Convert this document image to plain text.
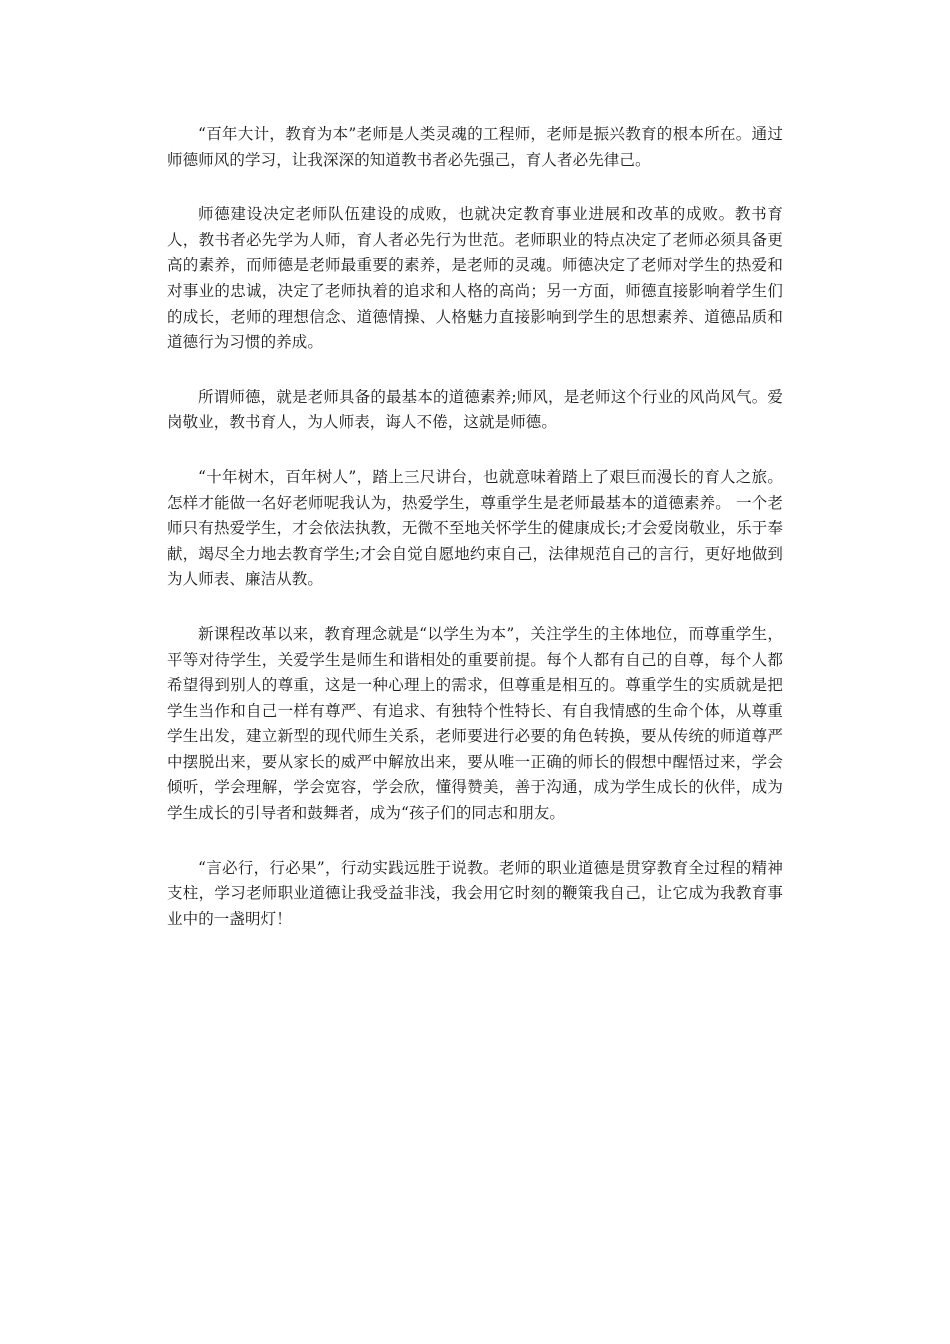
“百年大计，教育为本”老师是人类灵魂的工程师，老师是振兴教育的根本所在。通过师德师风的学习，让我深深的知道教书者必先强己，育人者必先律己。

师德建设决定老师队伍建设的成败，也就决定教育事业进展和改革的成败。教书育人，教书者必先学为人师，育人者必先行为世范。老师职业的特点决定了老师必须具备更高的素养，而师德是老师最重要的素养，是老师的灵魂。师德决定了老师对学生的热爱和对事业的忠诚，决定了老师执着的追求和人格的高尚；另一方面，师德直接影响着学生们的成长，老师的理想信念、道德情操、人格魅力直接影响到学生的思想素养、道德品质和道德行为习惯的养成。

所谓师德，就是老师具备的最基本的道德素养;师风，是老师这个行业的风尚风气。爱岗敬业，教书育人，为人师表，诲人不倦，这就是师德。

“十年树木，百年树人”，踏上三尺讲台，也就意味着踏上了艰巨而漫长的育人之旅。怎样才能做一名好老师呢我认为，热爱学生，尊重学生是老师最基本的道德素养。 一个老师只有热爱学生，才会依法执教，无微不至地关怀学生的健康成长;才会爱岗敬业，乐于奉献，竭尽全力地去教育学生;才会自觉自愿地约束自己，法律规范自己的言行，更好地做到为人师表、廉洁从教。

新课程改革以来，教育理念就是“以学生为本”，关注学生的主体地位，而尊重学生，平等对待学生，关爱学生是师生和谐相处的重要前提。每个人都有自己的自尊，每个人都希望得到别人的尊重，这是一种心理上的需求，但尊重是相互的。尊重学生的实质就是把学生当作和自己一样有尊严、有追求、有独特个性特长、有自我情感的生命个体，从尊重学生出发，建立新型的现代师生关系，老师要进行必要的角色转换，要从传统的师道尊严中摆脱出来，要从家长的威严中解放出来，要从唯一正确的师长的假想中醒悟过来，学会倾听，学会理解，学会宽容，学会欣，懂得赞美，善于沟通，成为学生成长的伙伴，成为学生成长的引导者和鼓舞者，成为“孩子们的同志和朋友。

“言必行，行必果”，行动实践远胜于说教。老师的职业道德是贯穿教育全过程的精神支柱，学习老师职业道德让我受益非浅，我会用它时刻的鞭策我自己，让它成为我教育事业中的一盏明灯！
